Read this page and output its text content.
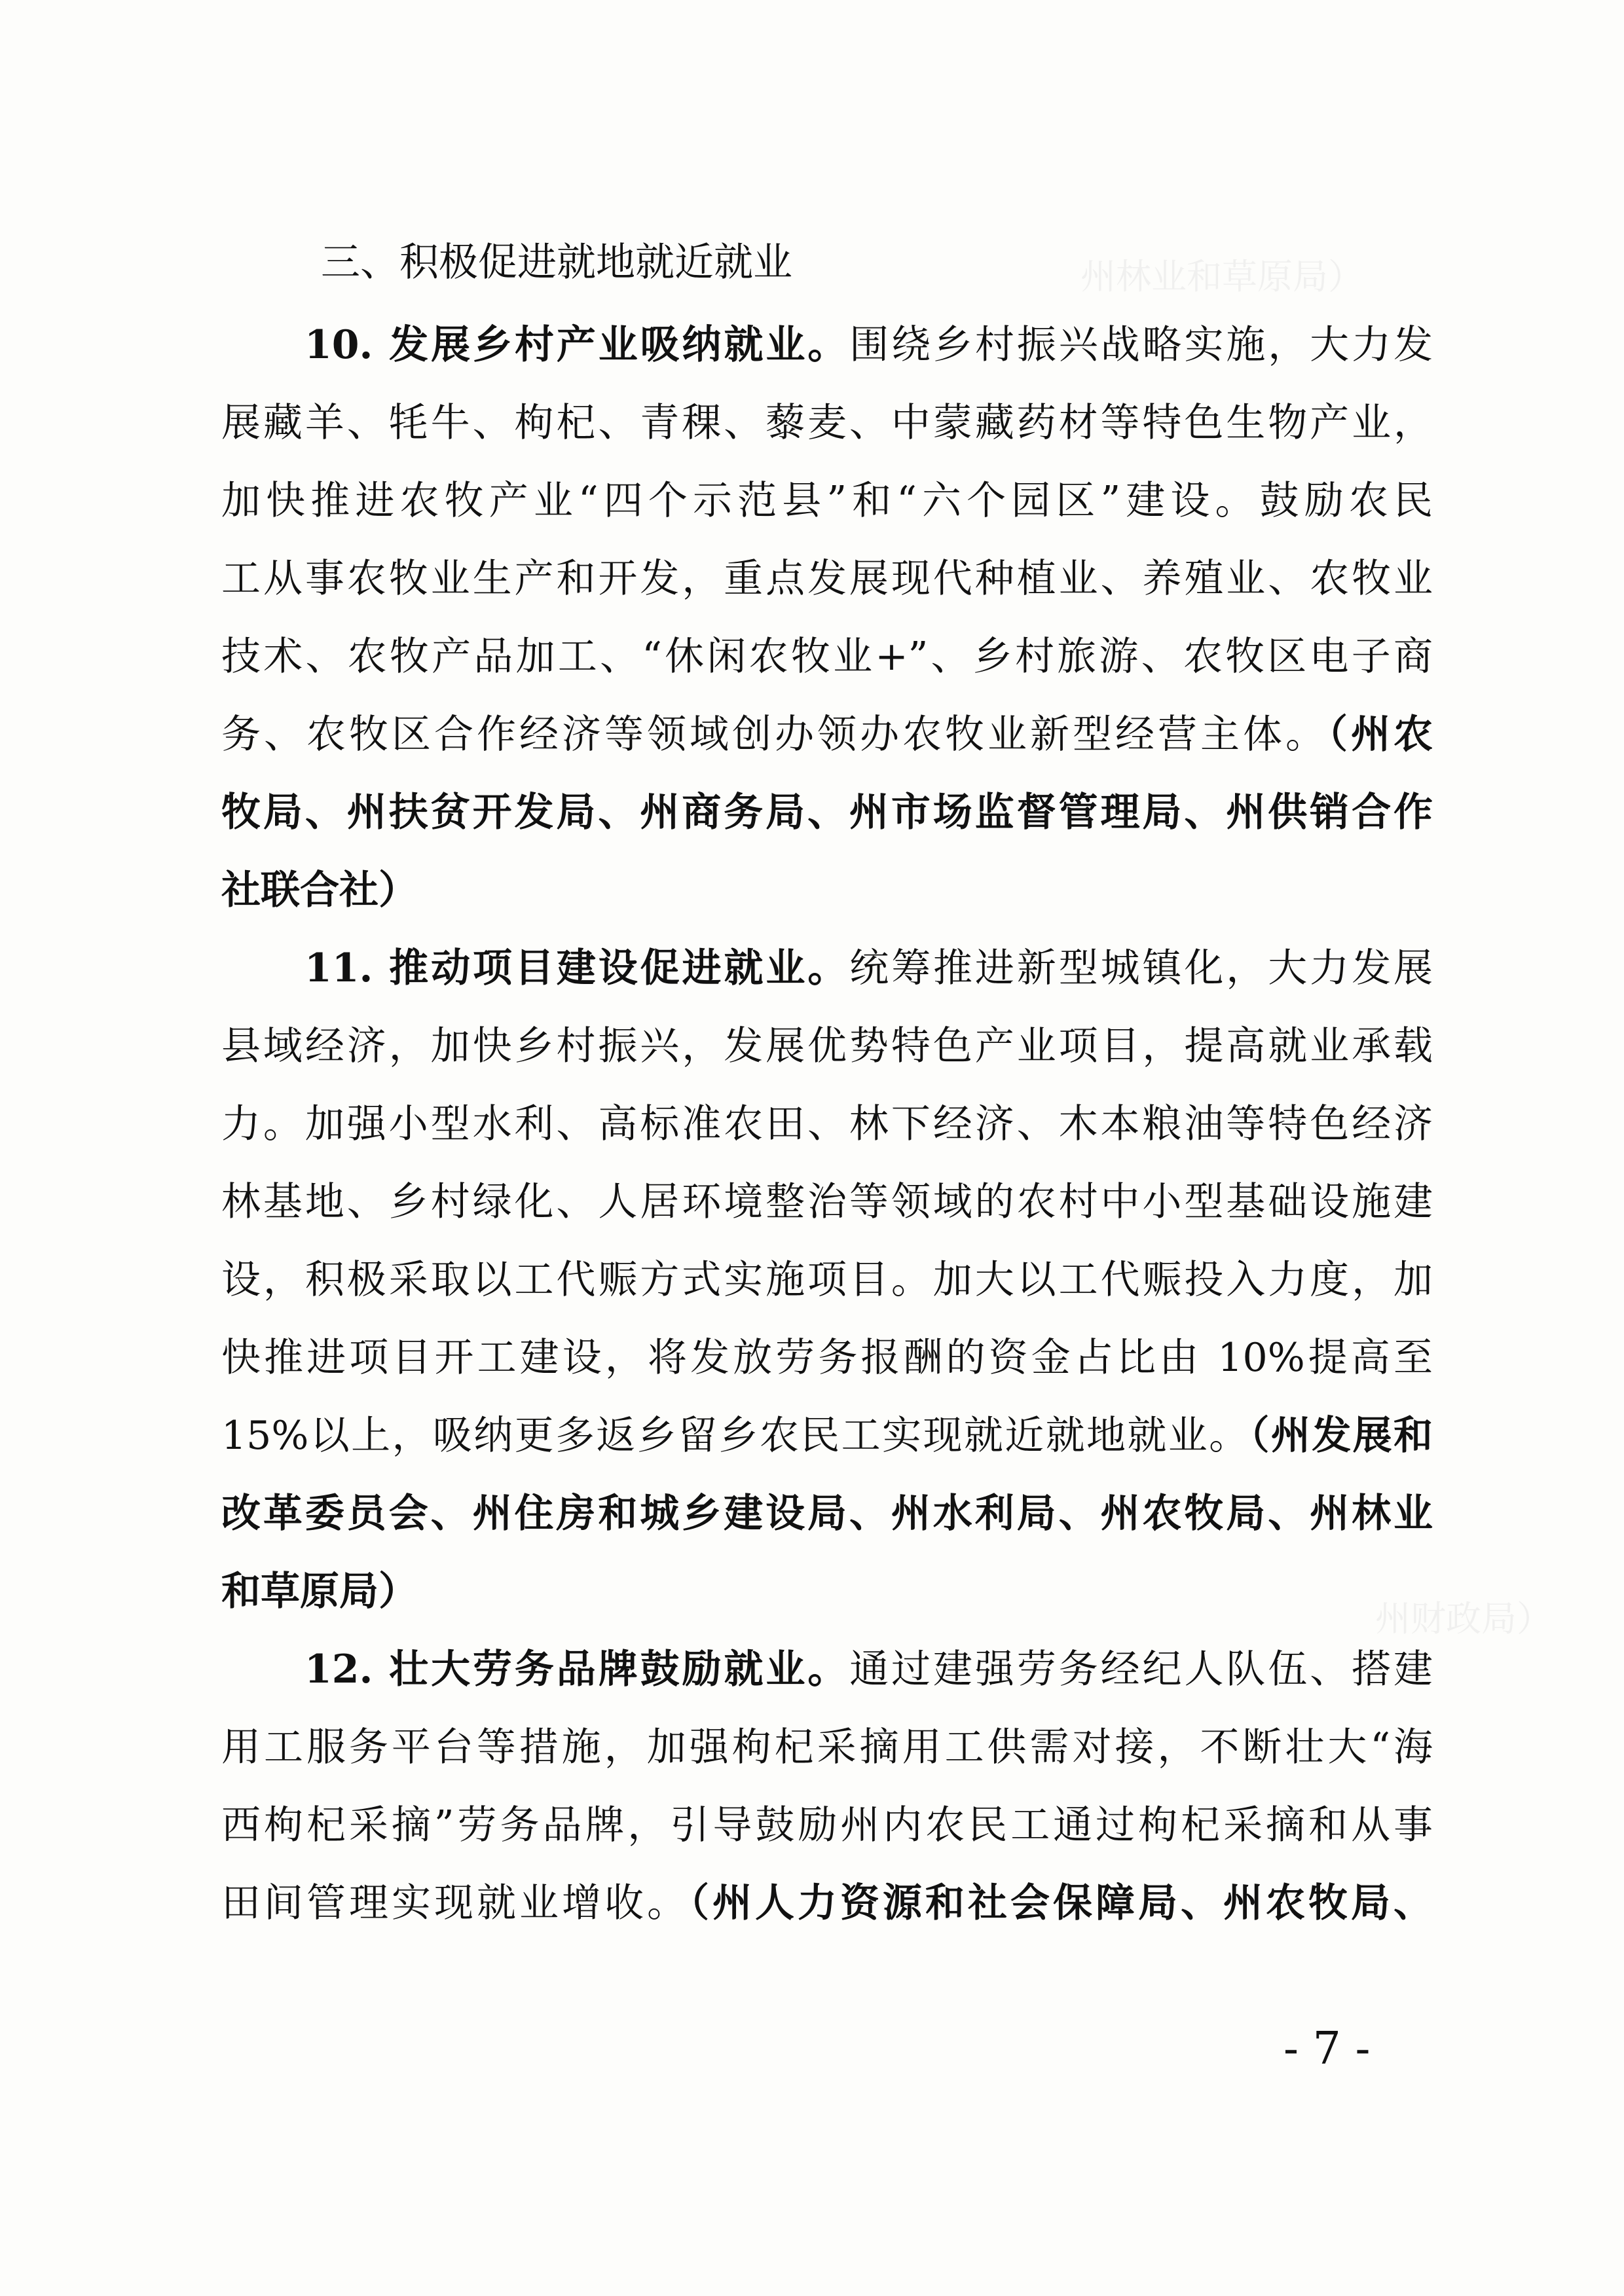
州林业和草原局）
州财政局）
三、积极促进就地就近就业
10. 发展乡村产业吸纳就业。围绕乡村振兴战略实施，大力发
展藏羊、牦牛、枸杞、青稞、藜麦、中蒙藏药材等特色生物产业，
加快推进农牧产业“四个示范县”和“六个园区”建设。鼓励农民
工从事农牧业生产和开发，重点发展现代种植业、养殖业、农牧业
技术、农牧产品加工、“休闲农牧业+”、乡村旅游、农牧区电子商
务、农牧区合作经济等领域创办领办农牧业新型经营主体。（州农
牧局、州扶贫开发局、州商务局、州市场监督管理局、州供销合作
社联合社）
11. 推动项目建设促进就业。统筹推进新型城镇化，大力发展
县域经济，加快乡村振兴，发展优势特色产业项目，提高就业承载
力。加强小型水利、高标准农田、林下经济、木本粮油等特色经济
林基地、乡村绿化、人居环境整治等领域的农村中小型基础设施建
设，积极采取以工代赈方式实施项目。加大以工代赈投入力度，加
快推进项目开工建设，将发放劳务报酬的资金占比由 10%提高至
15%以上，吸纳更多返乡留乡农民工实现就近就地就业。（州发展和
改革委员会、州住房和城乡建设局、州水利局、州农牧局、州林业
和草原局）
12. 壮大劳务品牌鼓励就业。通过建强劳务经纪人队伍、搭建
用工服务平台等措施，加强枸杞采摘用工供需对接，不断壮大“海
西枸杞采摘”劳务品牌，引导鼓励州内农民工通过枸杞采摘和从事
田间管理实现就业增收。（州人力资源和社会保障局、州农牧局、
- 7 -
